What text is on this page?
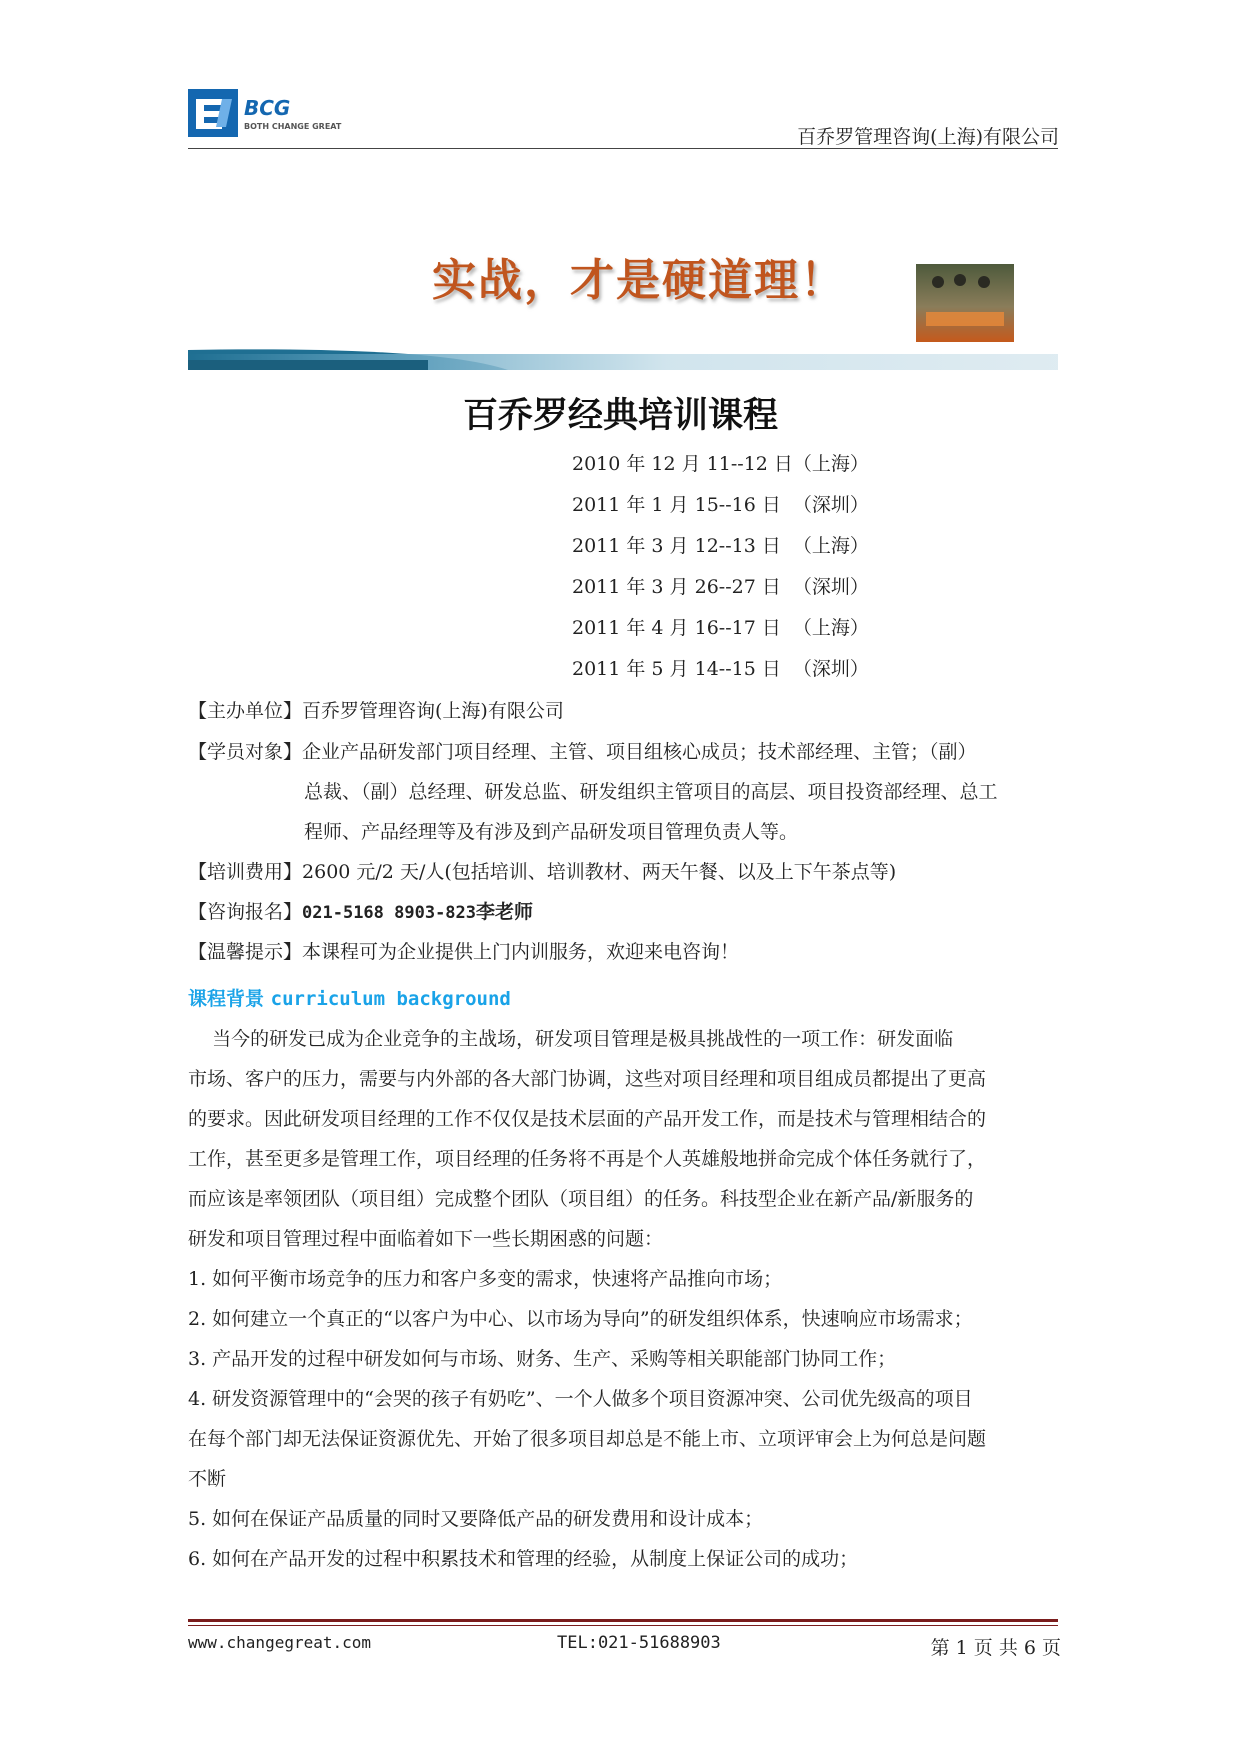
BCG
BOTH CHANGE GREAT	百乔罗管理咨询(上海)有限公司
实战，才是硬道理！
百乔罗经典培训课程
2010 年 12 月 11--12 日（上海）
2011 年 1 月 15--16 日  （深圳）
2011 年 3 月 12--13 日  （上海）
2011 年 3 月 26--27 日  （深圳）
2011 年 4 月 16--17 日  （上海）
2011 年 5 月 14--15 日  （深圳）
【主办单位】百乔罗管理咨询(上海)有限公司
【学员对象】企业产品研发部门项目经理、主管、项目组核心成员；技术部经理、主管；（副）
总裁、（副）总经理、研发总监、研发组织主管项目的高层、项目投资部经理、总工
程师、产品经理等及有涉及到产品研发项目管理负责人等。
【培训费用】2600 元/2 天/人(包括培训、培训教材、两天午餐、以及上下午茶点等)
【咨询报名】021-5168 8903-823李老师
【温馨提示】本课程可为企业提供上门内训服务，欢迎来电咨询！
课程背景 curriculum background
当今的研发已成为企业竞争的主战场，研发项目管理是极具挑战性的一项工作：研发面临
市场、客户的压力，需要与内外部的各大部门协调，这些对项目经理和项目组成员都提出了更高
的要求。因此研发项目经理的工作不仅仅是技术层面的产品开发工作，而是技术与管理相结合的
工作，甚至更多是管理工作，项目经理的任务将不再是个人英雄般地拼命完成个体任务就行了，
而应该是率领团队（项目组）完成整个团队（项目组）的任务。科技型企业在新产品/新服务的
研发和项目管理过程中面临着如下一些长期困惑的问题：
1. 如何平衡市场竞争的压力和客户多变的需求，快速将产品推向市场；
2. 如何建立一个真正的“以客户为中心、以市场为导向”的研发组织体系，快速响应市场需求；
3. 产品开发的过程中研发如何与市场、财务、生产、采购等相关职能部门协同工作；
4. 研发资源管理中的“会哭的孩子有奶吃”、一个人做多个项目资源冲突、公司优先级高的项目
在每个部门却无法保证资源优先、开始了很多项目却总是不能上市、立项评审会上为何总是问题
不断
5. 如何在保证产品质量的同时又要降低产品的研发费用和设计成本；
6. 如何在产品开发的过程中积累技术和管理的经验，从制度上保证公司的成功；
www.changegreat.com	TEL:021-51688903	第 1 页 共 6 页
